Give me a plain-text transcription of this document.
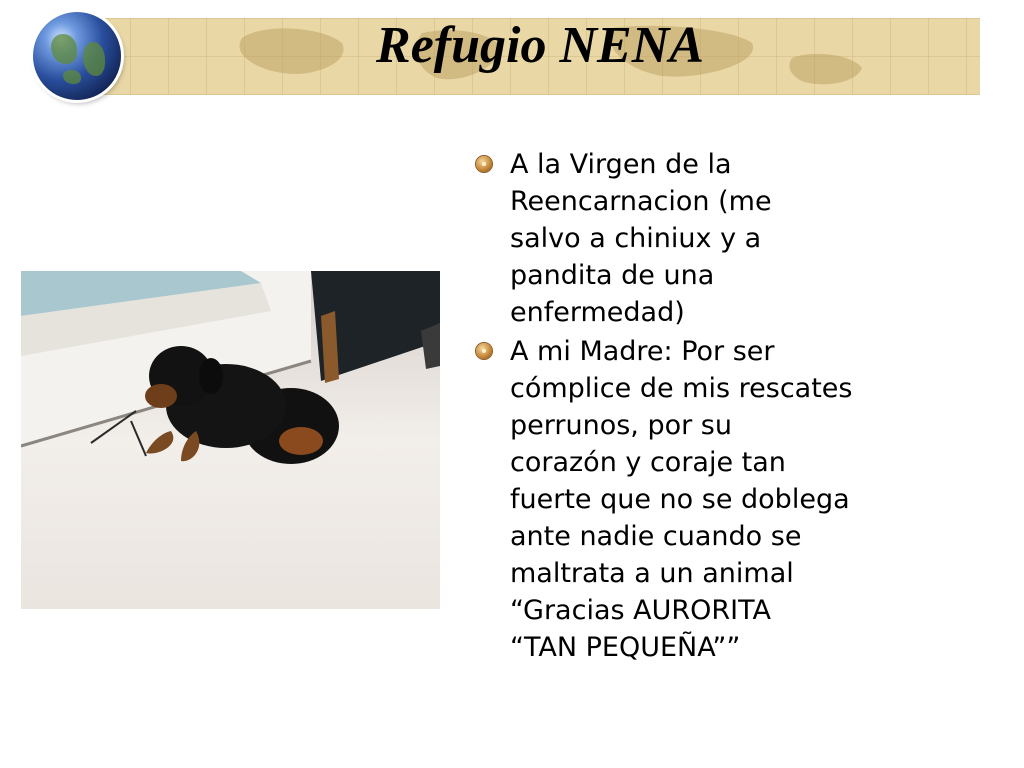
Refugio NENA
A la Virgen de la
Reencarnacion (me
salvo a chiniux y a
pandita de una
enfermedad)
A mi Madre: Por ser
cómplice de mis rescates
perrunos, por su
corazón y coraje tan
fuerte que no se doblega
ante nadie cuando se
maltrata a un animal
“Gracias AURORITA
“TAN PEQUEÑA””
